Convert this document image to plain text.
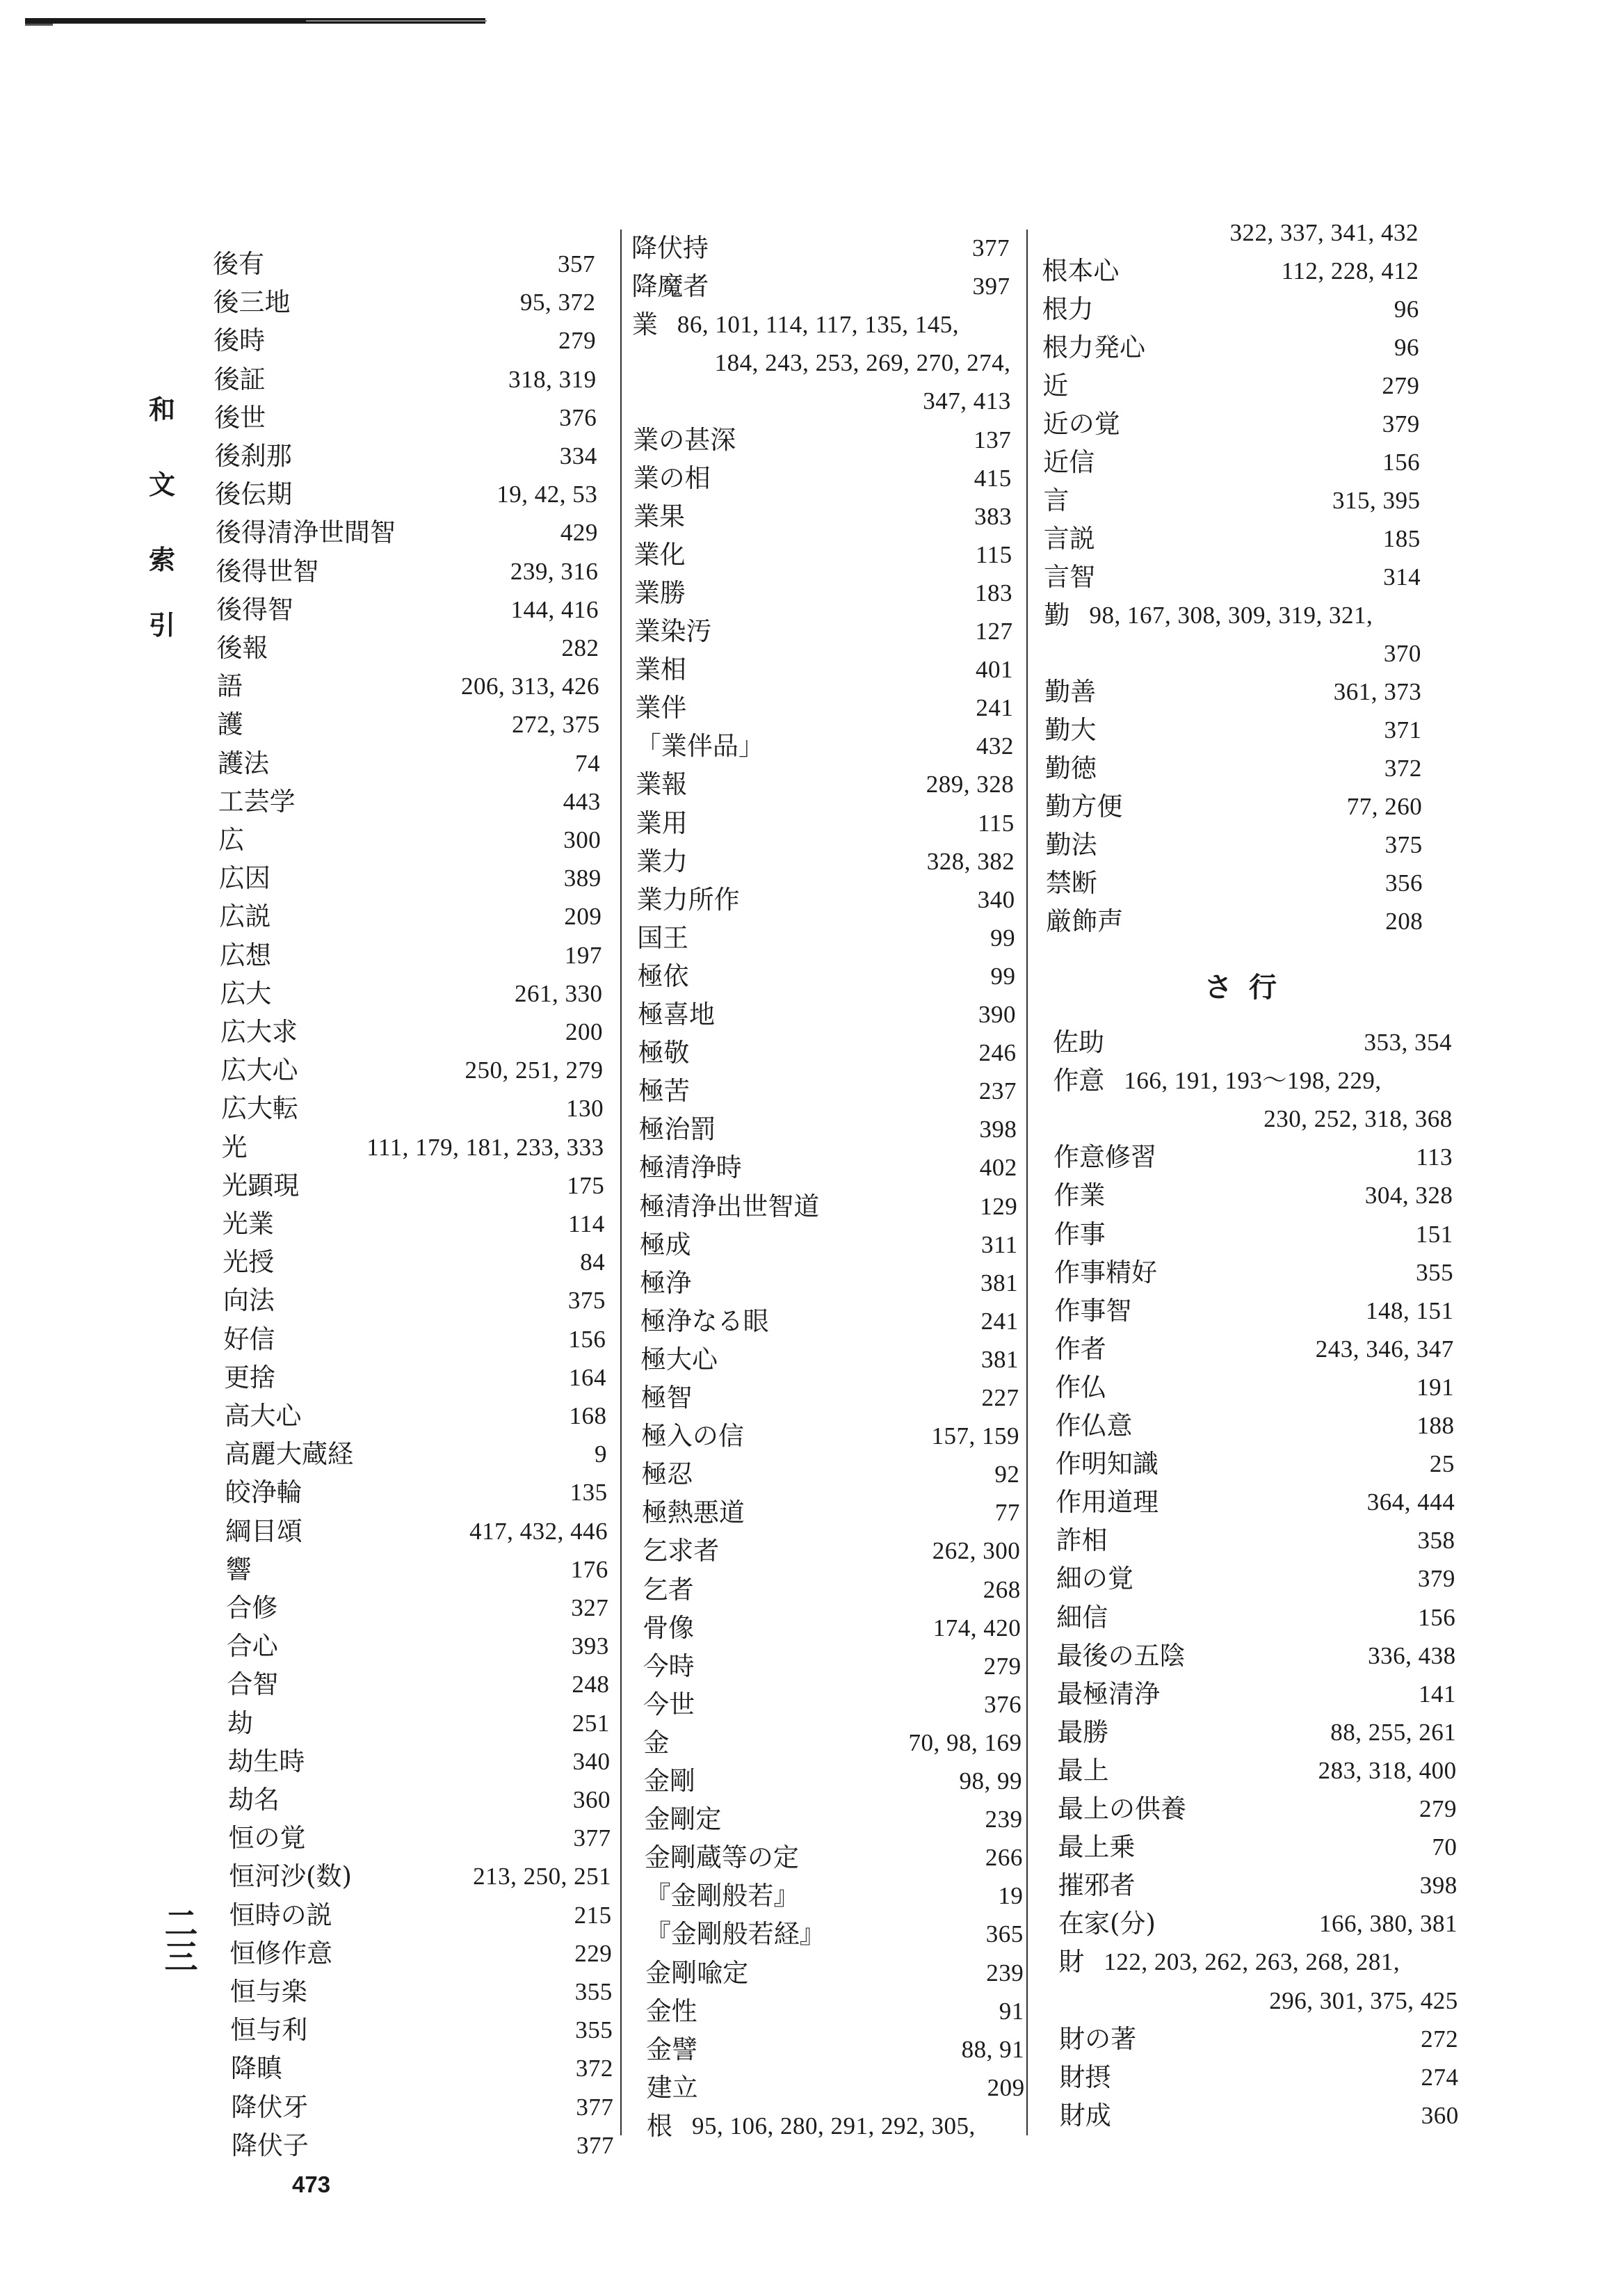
和
文
索
引
二三
後有	357
後三地	95, 372
後時	279
後証	318, 319
後世	376
後刹那	334
後伝期	19, 42, 53
後得清浄世間智	429
後得世智	239, 316
後得智	144, 416
後報	282
語	206, 313, 426
護	272, 375
護法	74
工芸学	443
広	300
広因	389
広説	209
広想	197
広大	261, 330
広大求	200
広大心	250, 251, 279
広大転	130
光	111, 179, 181, 233, 333
光顕現	175
光業	114
光授	84
向法	375
好信	156
更捨	164
高大心	168
高麗大蔵経	9
皎浄輪	135
綱目頌	417, 432, 446
響	176
合修	327
合心	393
合智	248
劫	251
劫生時	340
劫名	360
恒の覚	377
恒河沙(数)	213, 250, 251
恒時の説	215
恒修作意	229
恒与楽	355
恒与利	355
降瞋	372
降伏牙	377
降伏子	377
降伏持	377
降魔者	397
業 86, 101, 114, 117, 135, 145,
184, 243, 253, 269, 270, 274,
347, 413
業の甚深	137
業の相	415
業果	383
業化	115
業勝	183
業染汚	127
業相	401
業伴	241
「業伴品」	432
業報	289, 328
業用	115
業力	328, 382
業力所作	340
国王	99
極依	99
極喜地	390
極敬	246
極苦	237
極治罰	398
極清浄時	402
極清浄出世智道	129
極成	311
極浄	381
極浄なる眼	241
極大心	381
極智	227
極入の信	157, 159
極忍	92
極熱悪道	77
乞求者	262, 300
乞者	268
骨像	174, 420
今時	279
今世	376
金	70, 98, 169
金剛	98, 99
金剛定	239
金剛蔵等の定	266
『金剛般若』	19
『金剛般若経』	365
金剛喩定	239
金性	91
金譬	88, 91
建立	209
根 95, 106, 280, 291, 292, 305,
322, 337, 341, 432
根本心	112, 228, 412
根力	96
根力発心	96
近	279
近の覚	379
近信	156
言	315, 395
言説	185
言智	314
勤 98, 167, 308, 309, 319, 321,
370
勤善	361, 373
勤大	371
勤徳	372
勤方便	77, 260
勤法	375
禁断	356
厳飾声	208
佐助	353, 354
作意 166, 191, 193〜198, 229,
230, 252, 318, 368
作意修習	113
作業	304, 328
作事	151
作事精好	355
作事智	148, 151
作者	243, 346, 347
作仏	191
作仏意	188
作明知識	25
作用道理	364, 444
詐相	358
細の覚	379
細信	156
最後の五陰	336, 438
最極清浄	141
最勝	88, 255, 261
最上	283, 318, 400
最上の供養	279
最上乗	70
摧邪者	398
在家(分)	166, 380, 381
財 122, 203, 262, 263, 268, 281,
296, 301, 375, 425
財の著	272
財摂	274
財成	360
さ行
473
